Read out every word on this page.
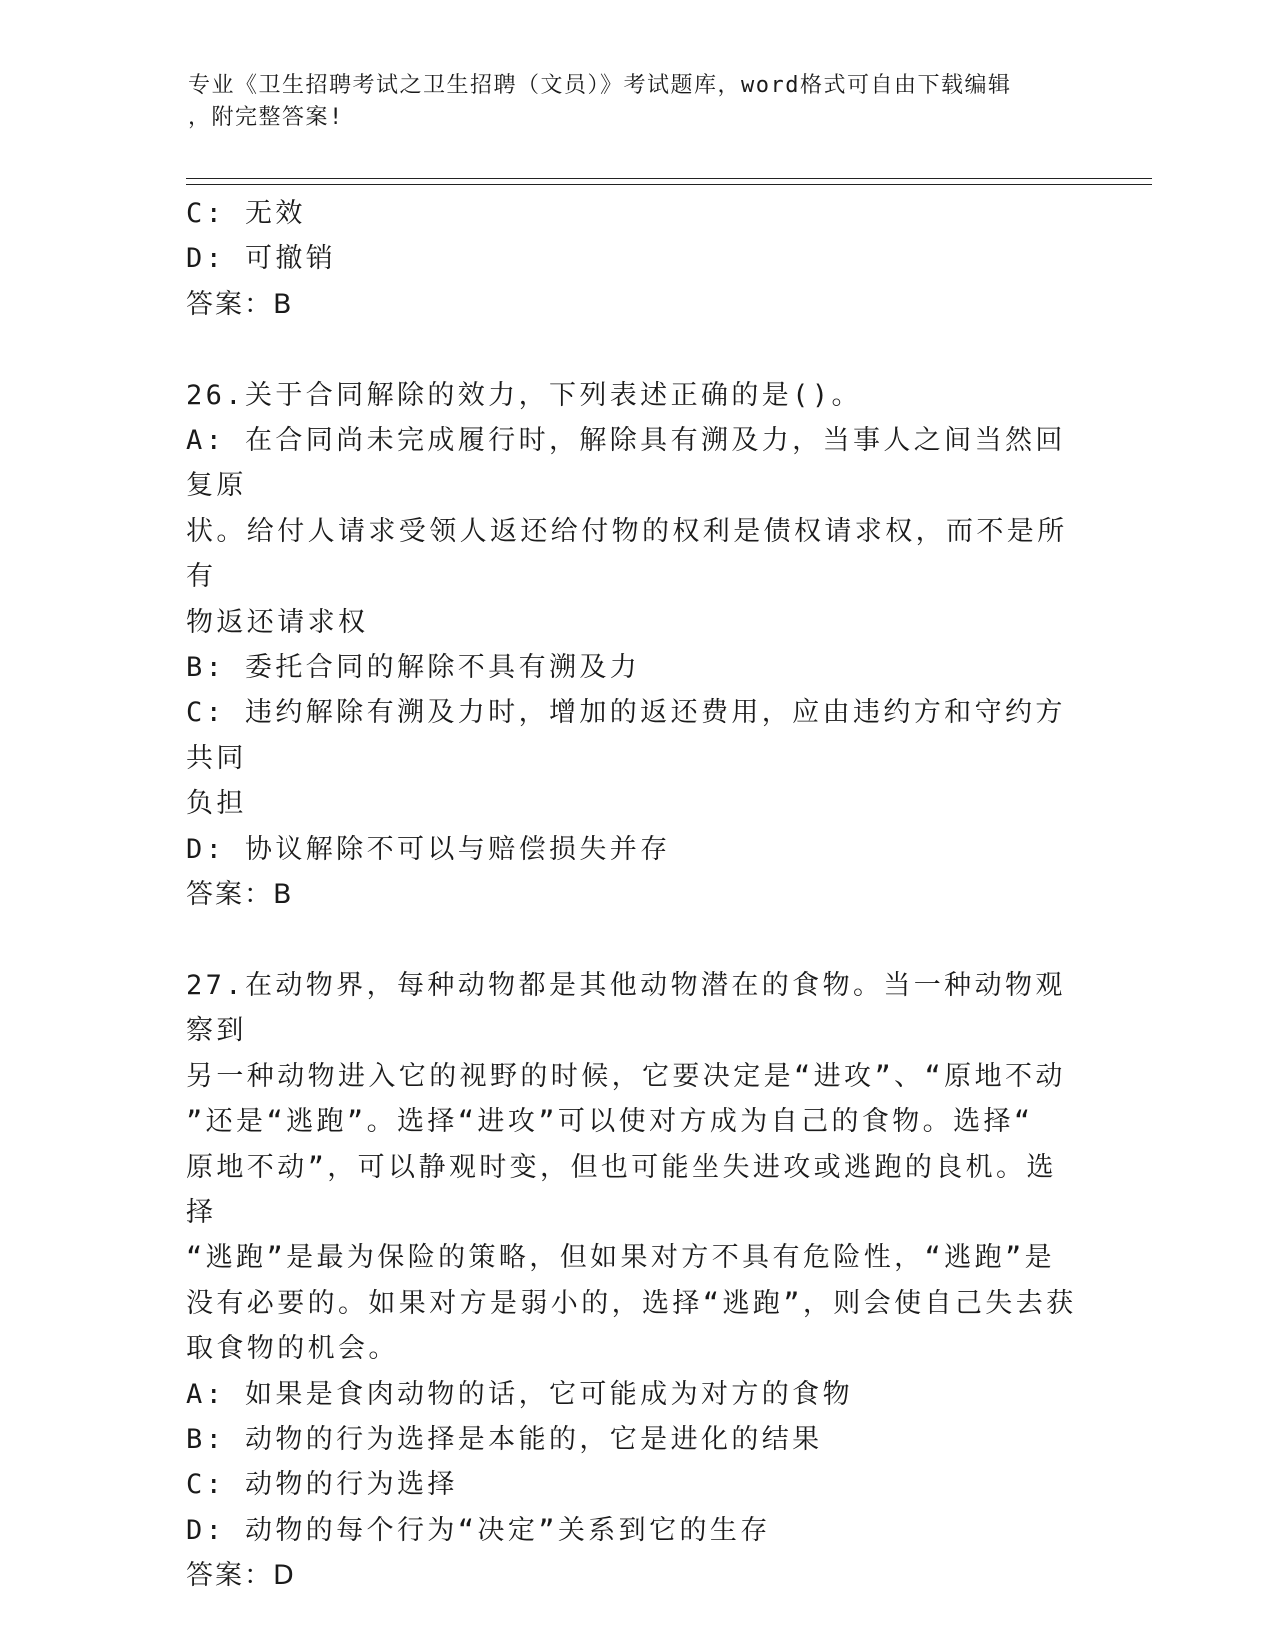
专业《卫生招聘考试之卫生招聘（文员）》考试题库，word格式可自由下载编辑
，附完整答案!

C: 无效

D: 可撤销

答案：B

26.关于合同解除的效力，下列表述正确的是()。

A: 在合同尚未完成履行时，解除具有溯及力，当事人之间当然回复原

状。给付人请求受领人返还给付物的权利是债权请求权，而不是所有

物返还请求权

B: 委托合同的解除不具有溯及力

C: 违约解除有溯及力时，增加的返还费用，应由违约方和守约方共同

负担

D: 协议解除不可以与赔偿损失并存

答案：B

27.在动物界，每种动物都是其他动物潜在的食物。当一种动物观察到

另一种动物进入它的视野的时候，它要决定是“进攻”、“原地不动

”还是“逃跑”。选择“进攻”可以使对方成为自己的食物。选择“

原地不动”，可以静观时变，但也可能坐失进攻或逃跑的良机。选择

“逃跑”是最为保险的策略，但如果对方不具有危险性，“逃跑”是

没有必要的。如果对方是弱小的，选择“逃跑”，则会使自己失去获

取食物的机会。

A: 如果是食肉动物的话，它可能成为对方的食物

B: 动物的行为选择是本能的，它是进化的结果

C: 动物的行为选择

D: 动物的每个行为“决定”关系到它的生存

答案：D
